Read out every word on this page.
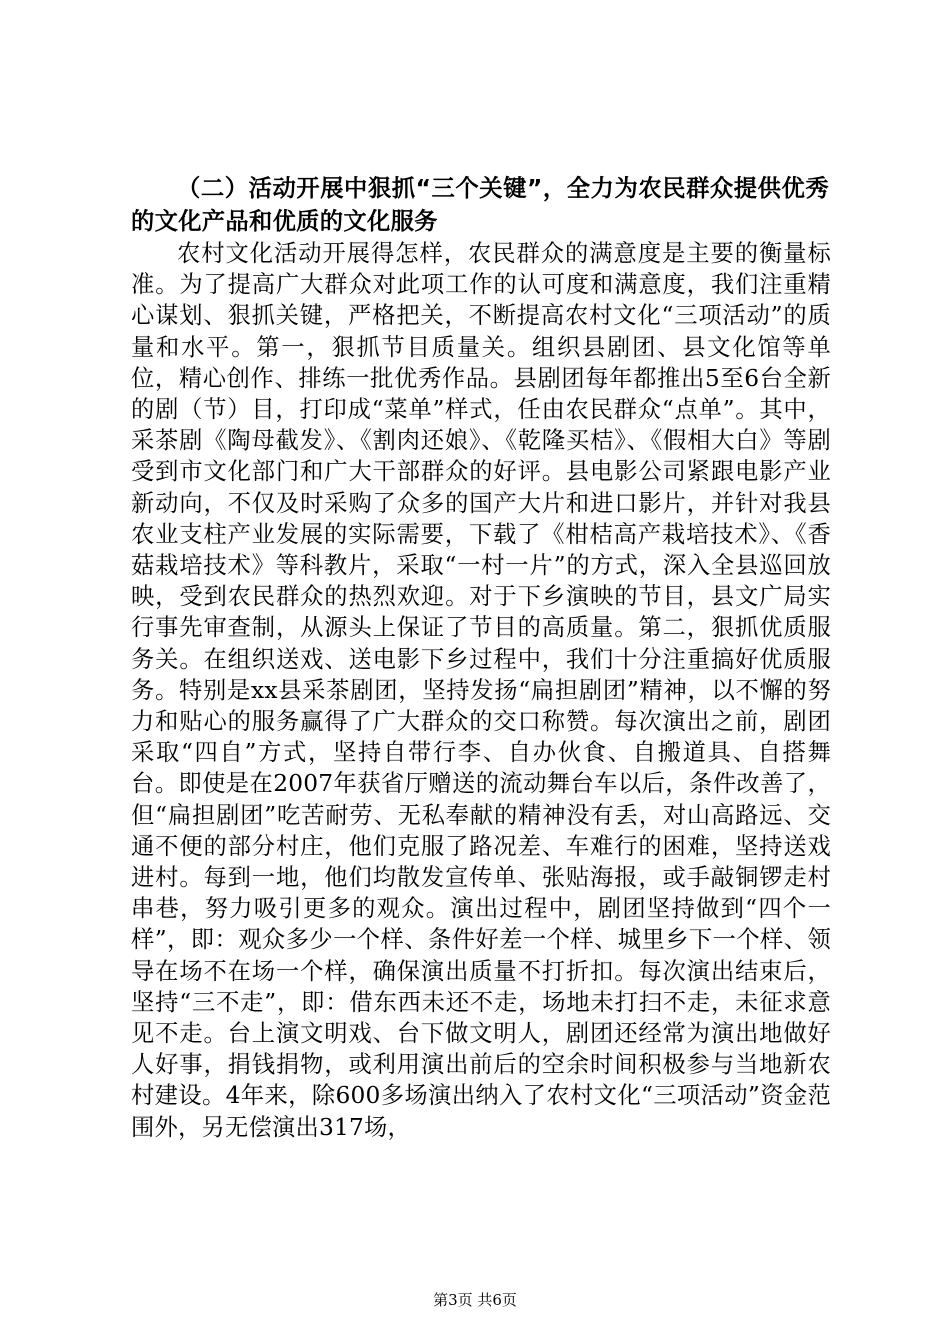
（二）活动开展中狠抓“三个关键”，全力为农民群众提供优秀的文化产品和优质的文化服务

农村文化活动开展得怎样，农民群众的满意度是主要的衡量标准。为了提高广大群众对此项工作的认可度和满意度，我们注重精心谋划、狠抓关键，严格把关，不断提高农村文化“三项活动”的质量和水平。第一，狠抓节目质量关。组织县剧团、县文化馆等单位，精心创作、排练一批优秀作品。县剧团每年都推出5至6台全新的剧（节）目，打印成“菜单”样式，任由农民群众“点单”。其中，采茶剧《陶母截发》、《割肉还娘》、《乾隆买桔》、《假相大白》等剧受到市文化部门和广大干部群众的好评。县电影公司紧跟电影产业新动向，不仅及时采购了众多的国产大片和进口影片，并针对我县农业支柱产业发展的实际需要，下载了《柑桔高产栽培技术》、《香菇栽培技术》等科教片，采取“一村一片”的方式，深入全县巡回放映，受到农民群众的热烈欢迎。对于下乡演映的节目，县文广局实行事先审查制，从源头上保证了节目的高质量。第二，狠抓优质服务关。在组织送戏、送电影下乡过程中，我们十分注重搞好优质服务。特别是xx县采茶剧团，坚持发扬“扁担剧团”精神，以不懈的努力和贴心的服务赢得了广大群众的交口称赞。每次演出之前，剧团采取“四自”方式，坚持自带行李、自办伙食、自搬道具、自搭舞台。即使是在2007年获省厅赠送的流动舞台车以后，条件改善了，但“扁担剧团”吃苦耐劳、无私奉献的精神没有丢，对山高路远、交通不便的部分村庄，他们克服了路况差、车难行的困难，坚持送戏进村。每到一地，他们均散发宣传单、张贴海报，或手敲铜锣走村串巷，努力吸引更多的观众。演出过程中，剧团坚持做到“四个一样”，即：观众多少一个样、条件好差一个样、城里乡下一个样、领导在场不在场一个样，确保演出质量不打折扣。每次演出结束后，坚持“三不走”，即：借东西未还不走，场地未打扫不走，未征求意见不走。台上演文明戏、台下做文明人，剧团还经常为演出地做好人好事，捐钱捐物，或利用演出前后的空余时间积极参与当地新农村建设。4年来，除600多场演出纳入了农村文化“三项活动”资金范围外，另无偿演出317场，

第3页 共6页
